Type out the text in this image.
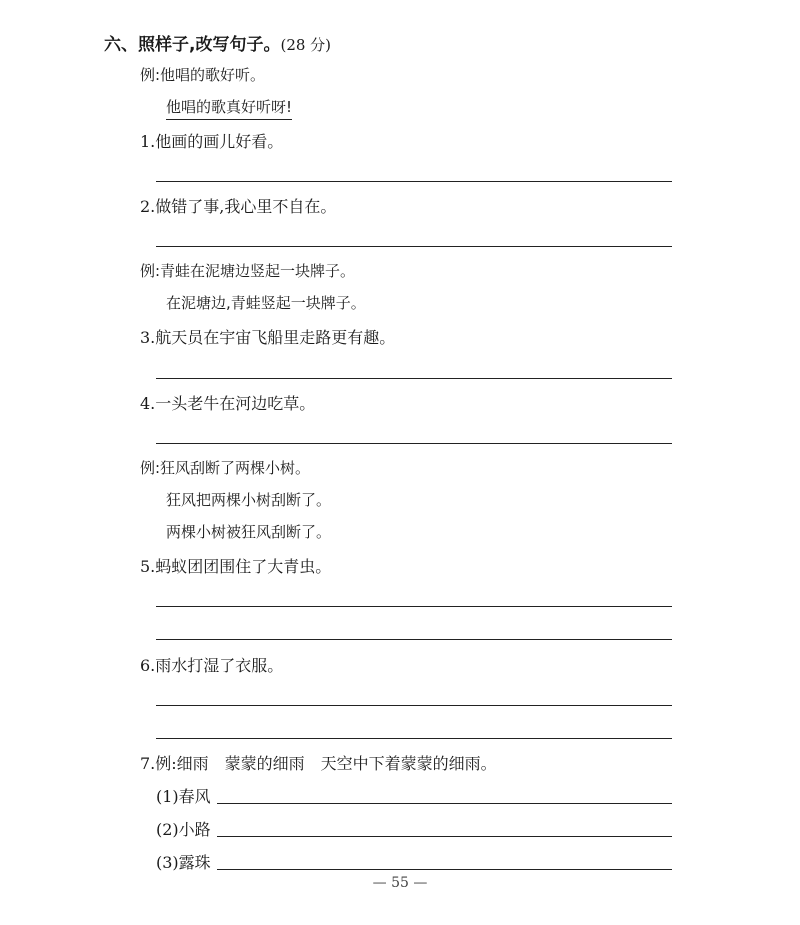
六、照样子,改写句子。(28 分)
例:他唱的歌好听。
他唱的歌真好听呀!
1.他画的画儿好看。
2.做错了事,我心里不自在。
例:青蛙在泥塘边竖起一块牌子。
在泥塘边,青蛙竖起一块牌子。
3.航天员在宇宙飞船里走路更有趣。
4.一头老牛在河边吃草。
例:狂风刮断了两棵小树。
狂风把两棵小树刮断了。
两棵小树被狂风刮断了。
5.蚂蚁团团围住了大青虫。
6.雨水打湿了衣服。
7.例:细雨　蒙蒙的细雨　天空中下着蒙蒙的细雨。
(1)春风
(2)小路
(3)露珠
— 55 —
